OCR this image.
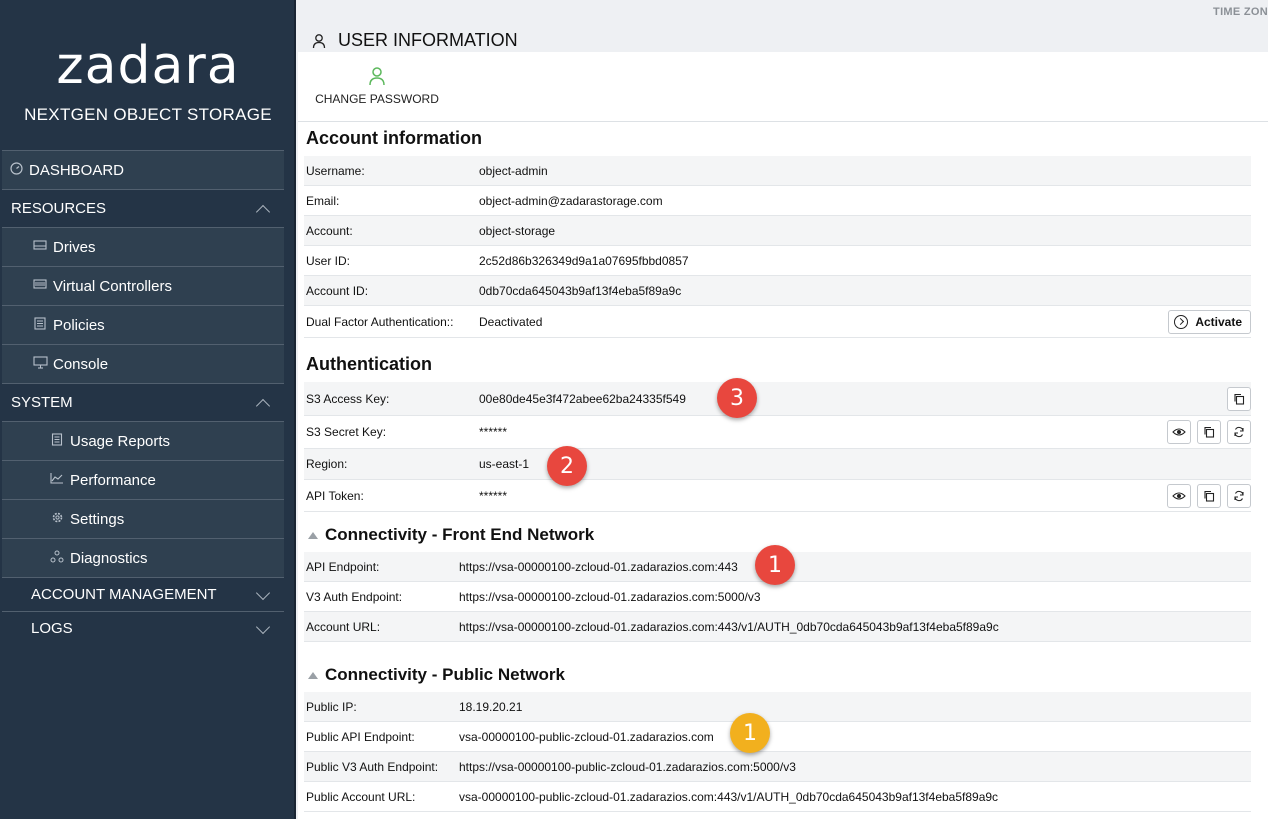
zadara
NEXTGEN OBJECT STORAGE
DASHBOARD
RESOURCES
Drives
Virtual Controllers
Policies
Console
SYSTEM
Usage Reports
Performance
Settings
Diagnostics
ACCOUNT MANAGEMENT
LOGS
TIME ZON
USER INFORMATION
CHANGE PASSWORD
Account information
Username:	object-admin
Email:	object-admin@zadarastorage.com
Account:	object-storage
User ID:	2c52d86b326349d9a1a07695fbbd0857
Account ID:	0db70cda645043b9af13f4eba5f89a9c
Dual Factor Authentication::	Deactivated	Activate
Authentication
S3 Access Key:	00e80de45e3f472abee62ba24335f549
S3 Secret Key:	******
Region:	us-east-1
API Token:	******
Connectivity - Front End Network
API Endpoint:	https://vsa-00000100-zcloud-01.zadarazios.com:443
V3 Auth Endpoint:	https://vsa-00000100-zcloud-01.zadarazios.com:5000/v3
Account URL:	https://vsa-00000100-zcloud-01.zadarazios.com:443/v1/AUTH_0db70cda645043b9af13f4eba5f89a9c
Connectivity - Public Network
Public IP:	18.19.20.21
Public API Endpoint:	vsa-00000100-public-zcloud-01.zadarazios.com
Public V3 Auth Endpoint:	https://vsa-00000100-public-zcloud-01.zadarazios.com:5000/v3
Public Account URL:	vsa-00000100-public-zcloud-01.zadarazios.com:443/v1/AUTH_0db70cda645043b9af13f4eba5f89a9c
3
2
1
1
